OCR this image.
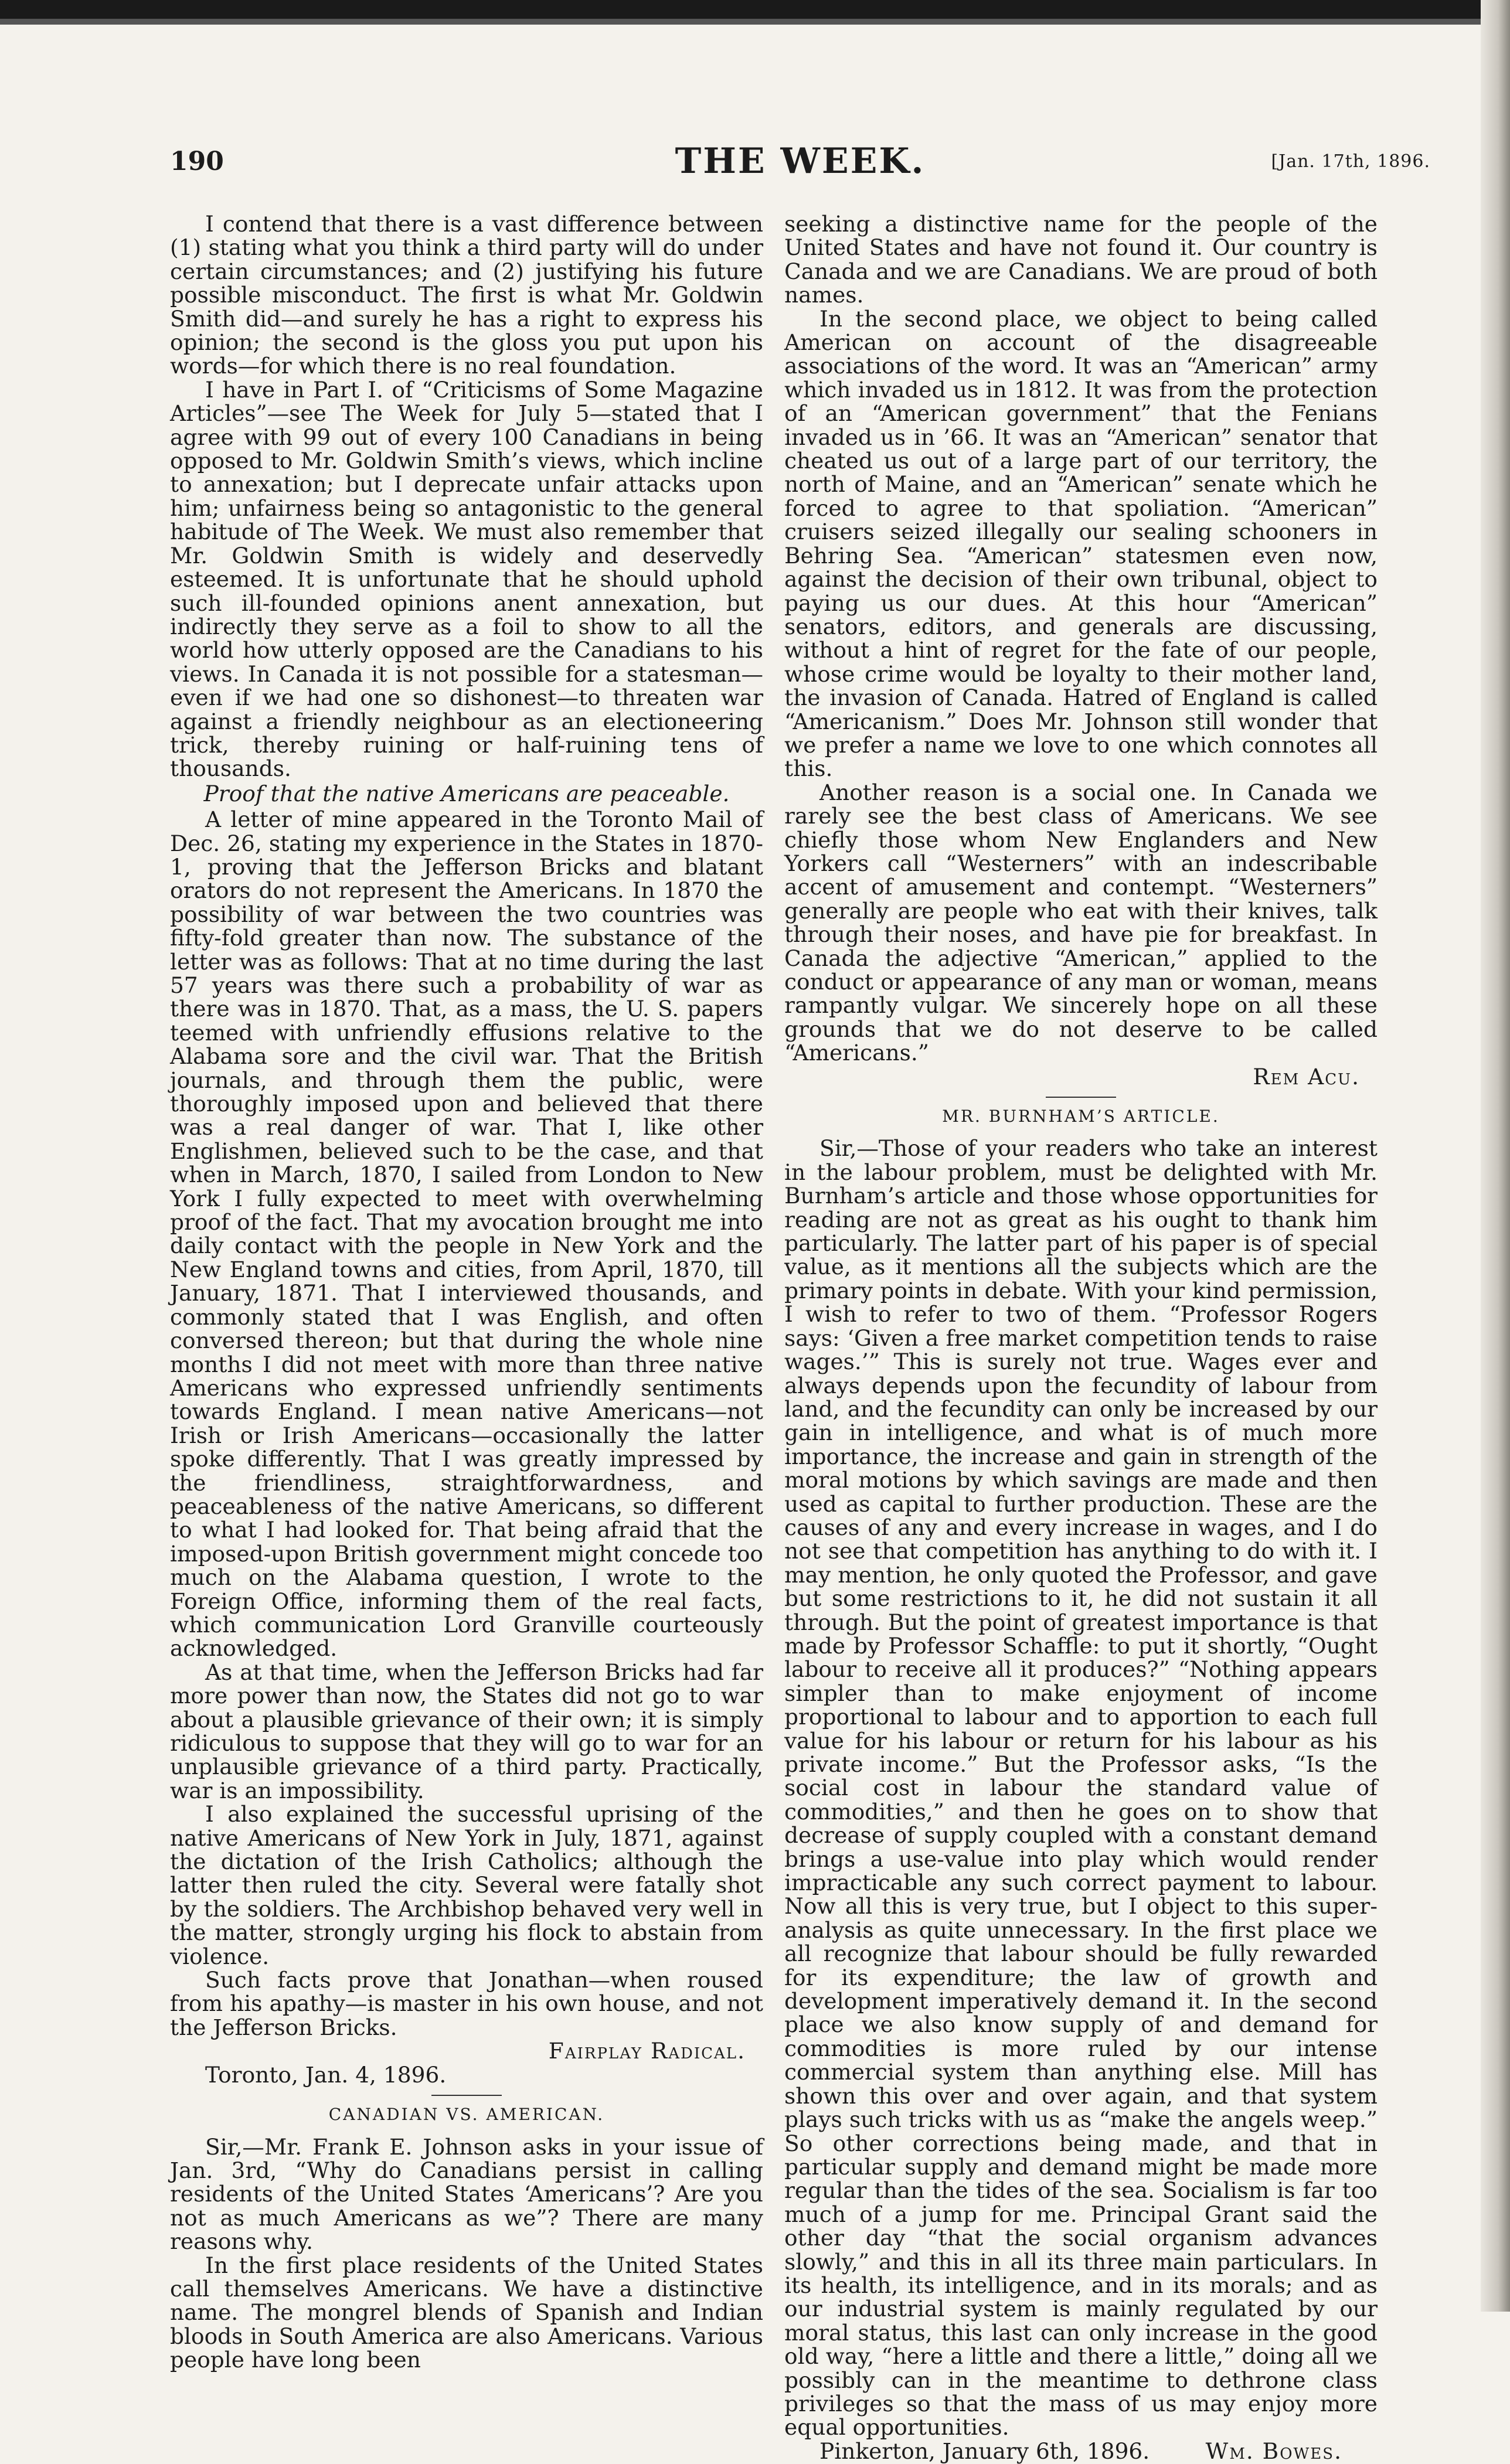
190	THE WEEK.	[Jan. 17th, 1896.

I contend that there is a vast difference between (1) stating what you think a third party will do under certain circumstances; and (2) justifying his future possible misconduct. The first is what Mr. Goldwin Smith did—and surely he has a right to express his opinion; the second is the gloss you put upon his words—for which there is no real foundation.

I have in Part I. of “Criticisms of Some Magazine Articles”—see The Week for July 5—stated that I agree with 99 out of every 100 Canadians in being opposed to Mr. Goldwin Smith’s views, which incline to annexation; but I deprecate unfair attacks upon him; unfairness being so antagonistic to the general habitude of The Week. We must also remember that Mr. Goldwin Smith is widely and deservedly esteemed. It is unfortunate that he should uphold such ill-founded opinions anent annexation, but indirectly they serve as a foil to show to all the world how utterly opposed are the Canadians to his views. In Canada it is not possible for a statesman—even if we had one so dishonest—to threaten war against a friendly neighbour as an electioneering trick, thereby ruining or half-ruining tens of thousands.

Proof that the native Americans are peaceable.

A letter of mine appeared in the Toronto Mail of Dec. 26, stating my experience in the States in 1870-1, proving that the Jefferson Bricks and blatant orators do not represent the Americans. In 1870 the possibility of war between the two countries was fifty-fold greater than now. The substance of the letter was as follows: That at no time during the last 57 years was there such a probability of war as there was in 1870. That, as a mass, the U. S. papers teemed with unfriendly effusions relative to the Alabama sore and the civil war. That the British journals, and through them the public, were thoroughly imposed upon and believed that there was a real danger of war. That I, like other Englishmen, believed such to be the case, and that when in March, 1870, I sailed from London to New York I fully expected to meet with overwhelming proof of the fact. That my avocation brought me into daily contact with the people in New York and the New England towns and cities, from April, 1870, till January, 1871. That I interviewed thousands, and commonly stated that I was English, and often conversed thereon; but that during the whole nine months I did not meet with more than three native Americans who expressed unfriendly sentiments towards England. I mean native Americans—not Irish or Irish Americans—occasionally the latter spoke differently. That I was greatly impressed by the friendliness, straightforwardness, and peaceableness of the native Americans, so different to what I had looked for. That being afraid that the imposed-upon British government might concede too much on the Alabama question, I wrote to the Foreign Office, informing them of the real facts, which communication Lord Granville courteously acknowledged.

As at that time, when the Jefferson Bricks had far more power than now, the States did not go to war about a plausible grievance of their own; it is simply ridiculous to suppose that they will go to war for an unplausible grievance of a third party. Practically, war is an impossibility.

I also explained the successful uprising of the native Americans of New York in July, 1871, against the dictation of the Irish Catholics; although the latter then ruled the city. Several were fatally shot by the soldiers. The Archbishop behaved very well in the matter, strongly urging his flock to abstain from violence.

Such facts prove that Jonathan—when roused from his apathy—is master in his own house, and not the Jefferson Bricks.

Fairplay Radical.
Toronto, Jan. 4, 1896.
CANADIAN VS. AMERICAN.

Sir,—Mr. Frank E. Johnson asks in your issue of Jan. 3rd, “Why do Canadians persist in calling residents of the United States ‘Americans’? Are you not as much Americans as we”? There are many reasons why.

In the first place residents of the United States call themselves Americans. We have a distinctive name. The mongrel blends of Spanish and Indian bloods in South America are also Americans. Various people have long been

seeking a distinctive name for the people of the United States and have not found it. Our country is Canada and we are Canadians. We are proud of both names.

In the second place, we object to being called American on account of the disagreeable associations of the word. It was an “American” army which invaded us in 1812. It was from the protection of an “American government” that the Fenians invaded us in ’66. It was an “American” senator that cheated us out of a large part of our territory, the north of Maine, and an “American” senate which he forced to agree to that spoliation. “American” cruisers seized illegally our sealing schooners in Behring Sea. “American” statesmen even now, against the decision of their own tribunal, object to paying us our dues. At this hour “American” senators, editors, and generals are discussing, without a hint of regret for the fate of our people, whose crime would be loyalty to their mother land, the invasion of Canada. Hatred of England is called “Americanism.” Does Mr. Johnson still wonder that we prefer a name we love to one which connotes all this.

Another reason is a social one. In Canada we rarely see the best class of Americans. We see chiefly those whom New Englanders and New Yorkers call “Westerners” with an indescribable accent of amusement and contempt. “Westerners” generally are people who eat with their knives, talk through their noses, and have pie for breakfast. In Canada the adjective “American,” applied to the conduct or appearance of any man or woman, means rampantly vulgar. We sincerely hope on all these grounds that we do not deserve to be called “Americans.”

Rem Acu.
MR. BURNHAM’S ARTICLE.

Sir,—Those of your readers who take an interest in the labour problem, must be delighted with Mr. Burnham’s article and those whose opportunities for reading are not as great as his ought to thank him particularly. The latter part of his paper is of special value, as it mentions all the subjects which are the primary points in debate. With your kind permission, I wish to refer to two of them. “Professor Rogers says: ‘Given a free market competition tends to raise wages.’” This is surely not true. Wages ever and always depends upon the fecundity of labour from land, and the fecundity can only be increased by our gain in intelligence, and what is of much more importance, the increase and gain in strength of the moral motions by which savings are made and then used as capital to further production. These are the causes of any and every increase in wages, and I do not see that competition has anything to do with it. I may mention, he only quoted the Professor, and gave but some restrictions to it, he did not sustain it all through. But the point of greatest importance is that made by Professor Schaffle: to put it shortly, “Ought labour to receive all it produces?” “Nothing appears simpler than to make enjoyment of income proportional to labour and to apportion to each full value for his labour or return for his labour as his private income.” But the Professor asks, “Is the social cost in labour the standard value of commodities,” and then he goes on to show that decrease of supply coupled with a constant demand brings a use-value into play which would render impracticable any such correct payment to labour. Now all this is very true, but I object to this super-analysis as quite unnecessary. In the first place we all recognize that labour should be fully rewarded for its expenditure; the law of growth and development imperatively demand it. In the second place we also know supply of and demand for commodities is more ruled by our intense commercial system than anything else. Mill has shown this over and over again, and that system plays such tricks with us as “make the angels weep.” So other corrections being made, and that in particular supply and demand might be made more regular than the tides of the sea. Socialism is far too much of a jump for me. Principal Grant said the other day “that the social organism advances slowly,” and this in all its three main particulars. In its health, its intelligence, and in its morals; and as our industrial system is mainly regulated by our moral status, this last can only increase in the good old way, “here a little and there a little,” doing all we possibly can in the meantime to dethrone class privileges so that the mass of us may enjoy more equal opportunities.

Pinkerton, January 6th, 1896.	Wm. Bowes.
